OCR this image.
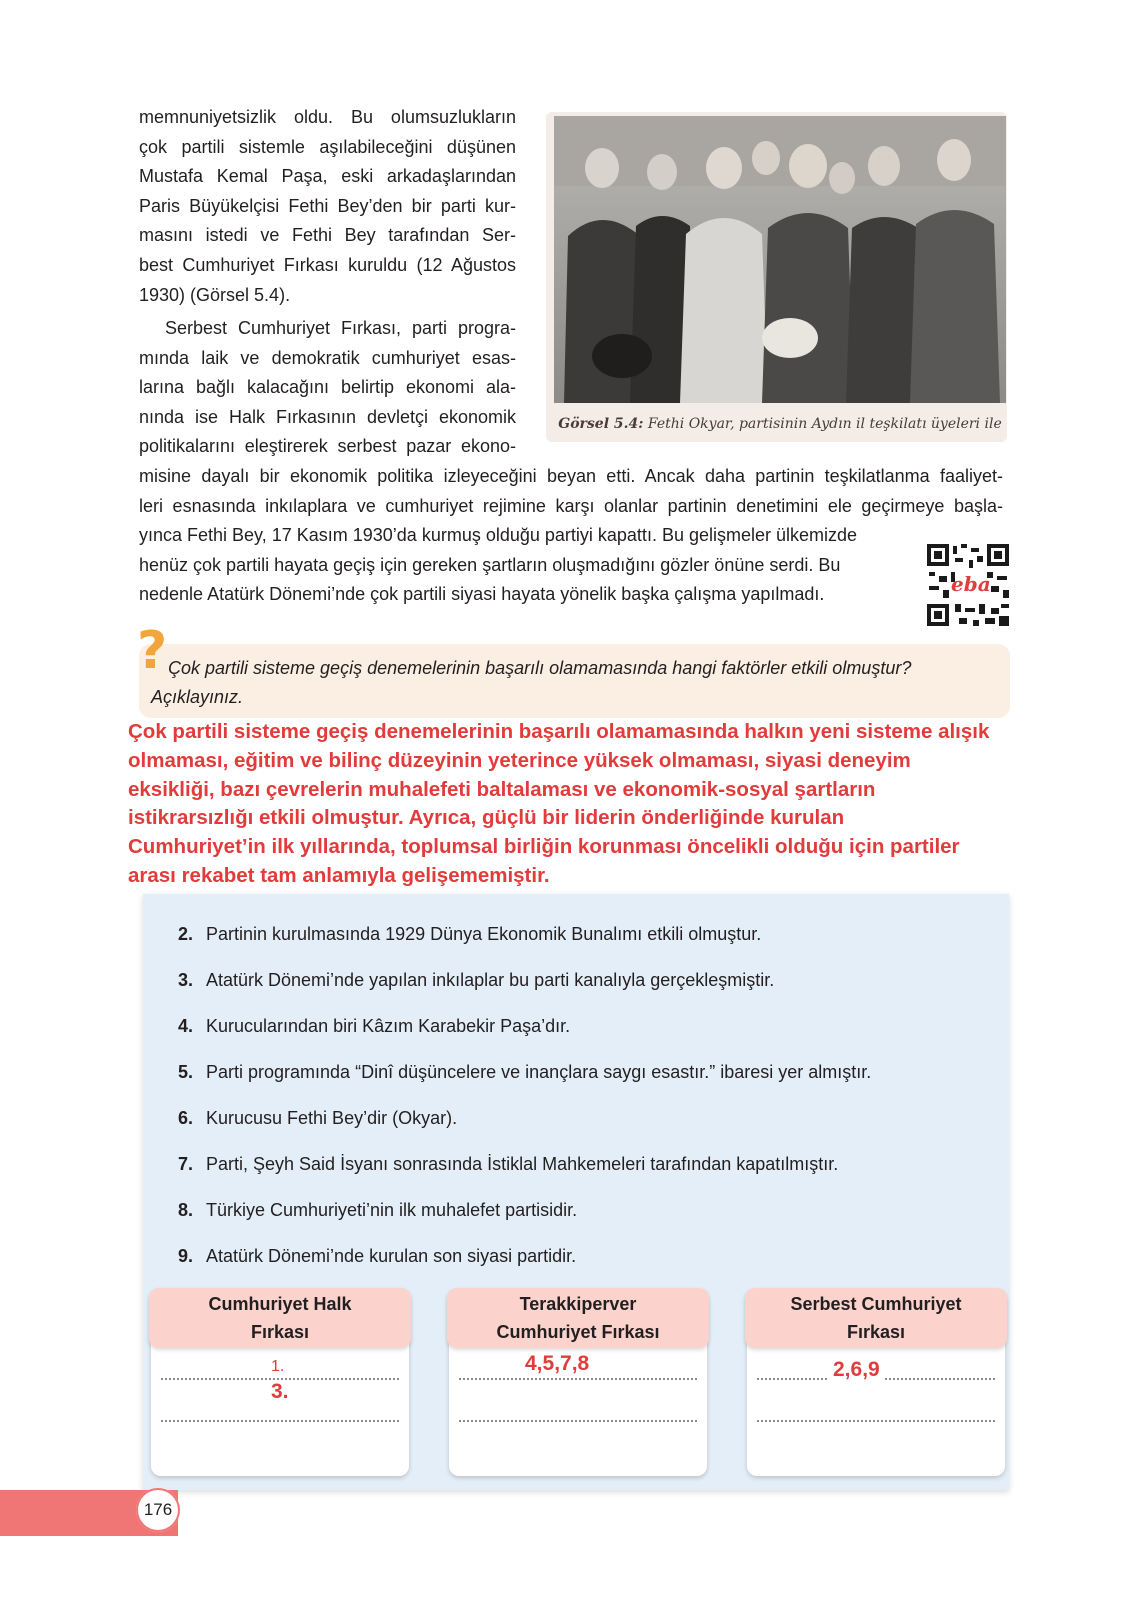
memnuniyetsizlik oldu. Bu olumsuzlukların
çok partili sistemle aşılabileceğini düşünen
Mustafa Kemal Paşa, eski arkadaşlarından
Paris Büyükelçisi Fethi Bey’den bir parti kur-
masını istedi ve Fethi Bey tarafından Ser-
best Cumhuriyet Fırkası kuruldu (12 Ağustos
1930) (Görsel 5.4).
Serbest Cumhuriyet Fırkası, parti progra-
mında laik ve demokratik cumhuriyet esas-
larına bağlı kalacağını belirtip ekonomi ala-
nında ise Halk Fırkasının devletçi ekonomik
politikalarını eleştirerek serbest pazar ekono-
misine dayalı bir ekonomik politika izleyeceğini beyan etti. Ancak daha partinin teşkilatlanma faaliyet-
leri esnasında inkılaplara ve cumhuriyet rejimine karşı olanlar partinin denetimini ele geçirmeye başla-
yınca Fethi Bey, 17 Kasım 1930’da kurmuş olduğu partiyi kapattı. Bu gelişmeler ülkemizde
henüz çok partili hayata geçiş için gereken şartların oluşmadığını gözler önüne serdi. Bu
nedenle Atatürk Dönemi’nde çok partili siyasi hayata yönelik başka çalışma yapılmadı.
Görsel 5.4: Fethi Okyar, partisinin Aydın il teşkilatı üyeleri ile
eba
? Çok partili sisteme geçiş denemelerinin başarılı olamamasında hangi faktörler etkili olmuştur?
Açıklayınız.
Çok partili sisteme geçiş denemelerinin başarılı olamamasında halkın yeni sisteme alışık
olmaması, eğitim ve bilinç düzeyinin yeterince yüksek olmaması, siyasi deneyim
eksikliği, bazı çevrelerin muhalefeti baltalaması ve ekonomik-sosyal şartların
istikrarsızlığı etkili olmuştur. Ayrıca, güçlü bir liderin önderliğinde kurulan
Cumhuriyet’in ilk yıllarında, toplumsal birliğin korunması öncelikli olduğu için partiler
arası rekabet tam anlamıyla gelişememiştir.
2. Partinin kurulmasında 1929 Dünya Ekonomik Bunalımı etkili olmuştur.
3. Atatürk Dönemi’nde yapılan inkılaplar bu parti kanalıyla gerçekleşmiştir.
4. Kurucularından biri Kâzım Karabekir Paşa’dır.
5. Parti programında “Dinî düşüncelere ve inançlara saygı esastır.” ibaresi yer almıştır.
6. Kurucusu Fethi Bey’dir (Okyar).
7. Parti, Şeyh Said İsyanı sonrasında İstiklal Mahkemeleri tarafından kapatılmıştır.
8. Türkiye Cumhuriyeti’nin ilk muhalefet partisidir.
9. Atatürk Dönemi’nde kurulan son siyasi partidir.
Cumhuriyet Halk
Fırkası
1.
3.
Terakkiperver
Cumhuriyet Fırkası
4,5,7,8
Serbest Cumhuriyet
Fırkası
2,6,9
176
